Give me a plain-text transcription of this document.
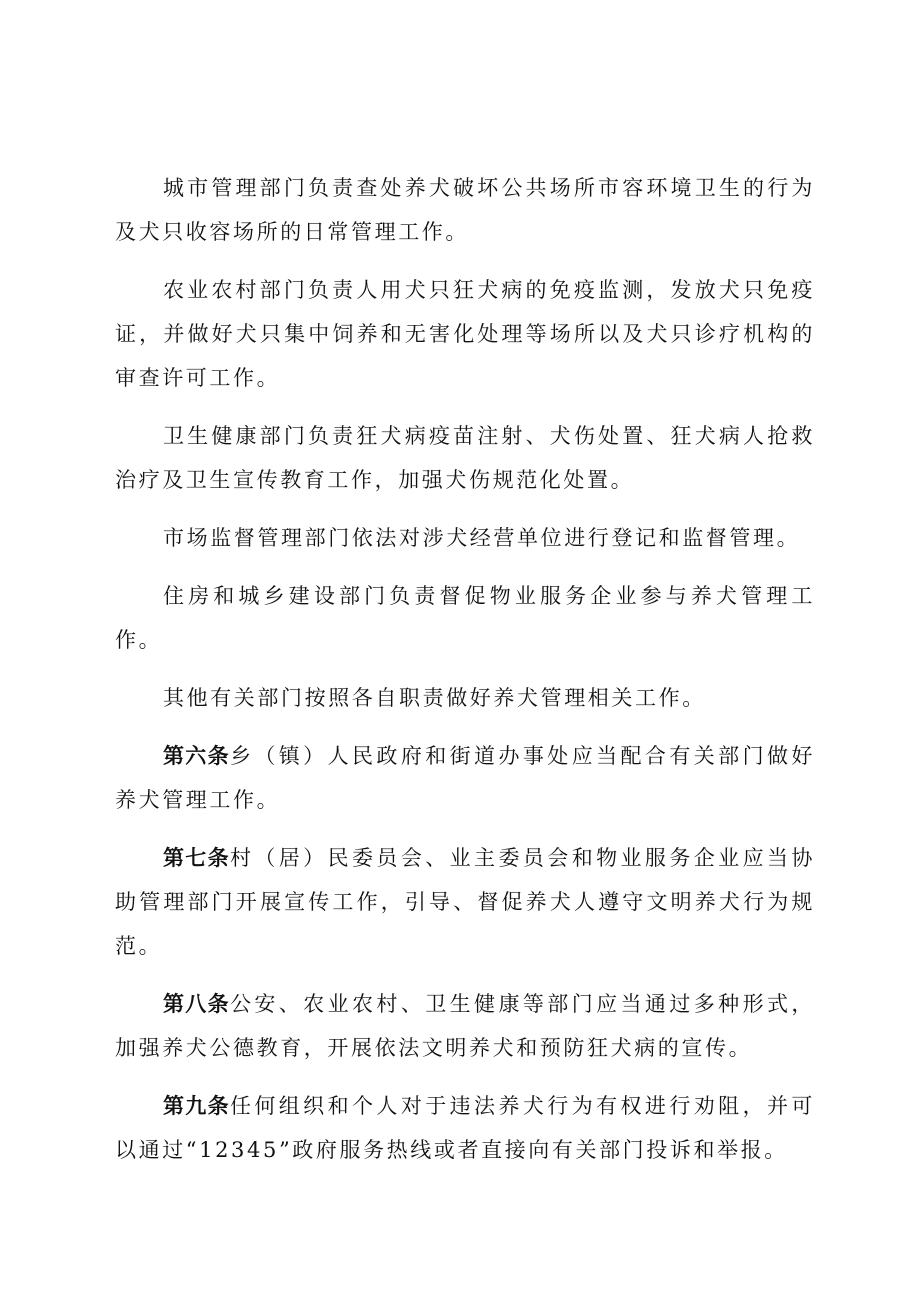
城市管理部门负责查处养犬破坏公共场所市容环境卫生的行为及犬只收容场所的日常管理工作。

农业农村部门负责人用犬只狂犬病的免疫监测，发放犬只免疫证，并做好犬只集中饲养和无害化处理等场所以及犬只诊疗机构的审查许可工作。

卫生健康部门负责狂犬病疫苗注射、犬伤处置、狂犬病人抢救治疗及卫生宣传教育工作，加强犬伤规范化处置。

市场监督管理部门依法对涉犬经营单位进行登记和监督管理。

住房和城乡建设部门负责督促物业服务企业参与养犬管理工作。

其他有关部门按照各自职责做好养犬管理相关工作。

第六条乡（镇）人民政府和街道办事处应当配合有关部门做好养犬管理工作。

第七条村（居）民委员会、业主委员会和物业服务企业应当协助管理部门开展宣传工作，引导、督促养犬人遵守文明养犬行为规范。

第八条公安、农业农村、卫生健康等部门应当通过多种形式，加强养犬公德教育，开展依法文明养犬和预防狂犬病的宣传。

第九条任何组织和个人对于违法养犬行为有权进行劝阻，并可以通过“12345”政府服务热线或者直接向有关部门投诉和举报。
